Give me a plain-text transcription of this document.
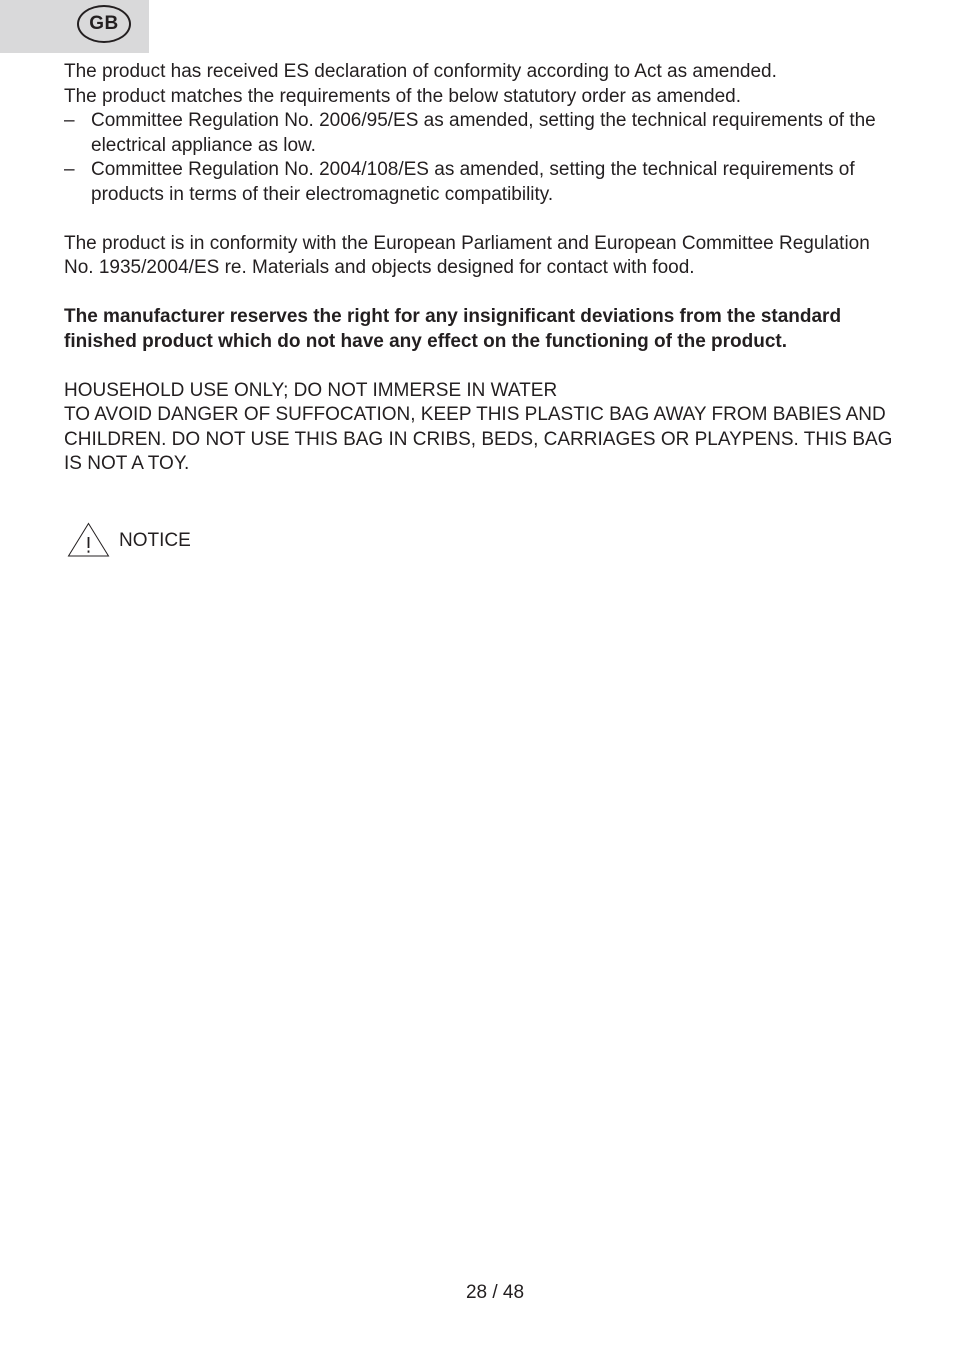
GB

The product has received ES declaration of conformity according to Act as amended.

The product matches the requirements of the below statutory order as amended.

– Committee Regulation No. 2006/95/ES as amended, setting the technical requirements of the electrical appliance as low.
– Committee Regulation No. 2004/108/ES as amended, setting the technical requirements of products in terms of their electromagnetic compatibility.

The product is in conformity with the European Parliament and European Committee Regulation No. 1935/2004/ES re. Materials and objects designed for contact with food.

The manufacturer reserves the right for any insignificant deviations from the standard finished product which do not have any effect on the functioning of the product.

HOUSEHOLD USE ONLY; DO NOT IMMERSE IN WATER

TO AVOID DANGER OF SUFFOCATION, KEEP THIS PLASTIC BAG AWAY FROM BABIES AND CHILDREN. DO NOT USE THIS BAG IN CRIBS, BEDS, CARRIAGES OR PLAYPENS. THIS BAG IS NOT A TOY.

NOTICE
28 / 48
